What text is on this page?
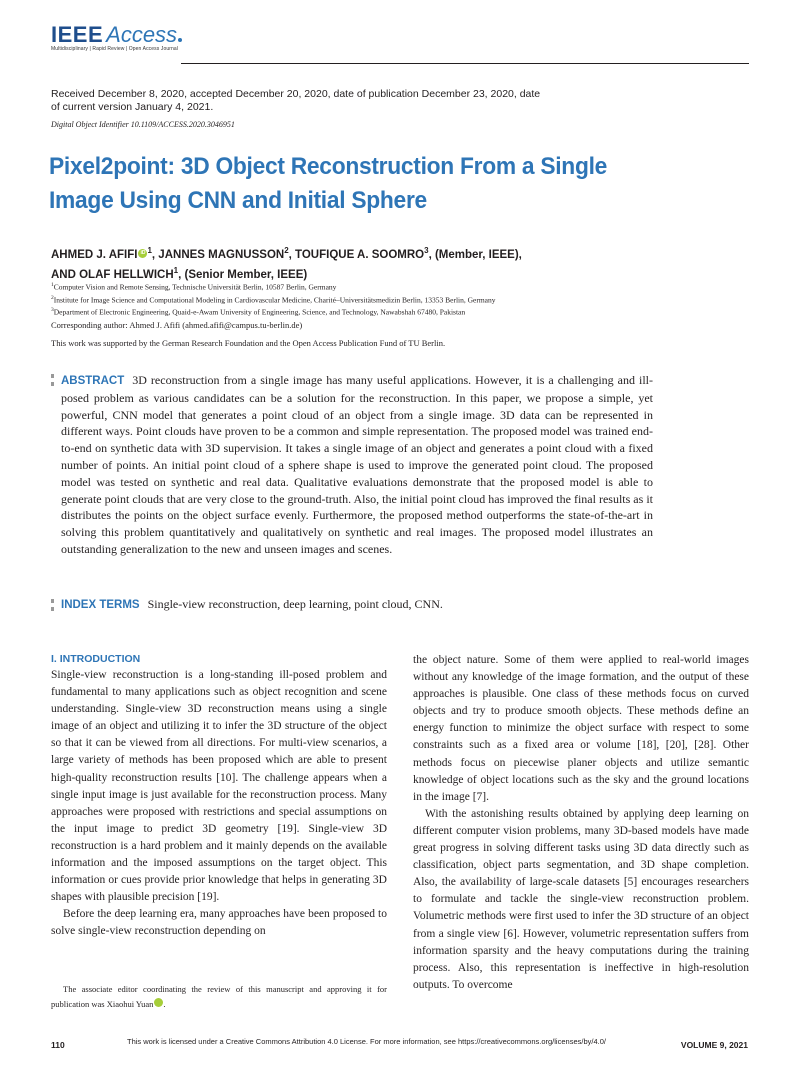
IEEE Access
Multidisciplinary | Rapid Review | Open Access Journal
Received December 8, 2020, accepted December 20, 2020, date of publication December 23, 2020, date of current version January 4, 2021.
Digital Object Identifier 10.1109/ACCESS.2020.3046951
Pixel2point: 3D Object Reconstruction From a Single Image Using CNN and Initial Sphere
AHMED J. AFIFI iD $^1$, JANNES MAGNUSSON$^2$, TOUFIQUE A. SOOMRO$^3$, (Member, IEEE),
AND OLAF HELLWICH$^1$, (Senior Member, IEEE)
$^1$Computer Vision and Remote Sensing, Technische Universität Berlin, 10587 Berlin, Germany
$^2$Institute for Image Science and Computational Modeling in Cardiovascular Medicine, Charité–Universitätsmedizin Berlin, 13353 Berlin, Germany
$^3$Department of Electronic Engineering, Quaid-e-Awam University of Engineering, Science, and Technology, Nawabshah 67480, Pakistan
Corresponding author: Ahmed J. Afifi (ahmed.afifi@campus.tu-berlin.de)
This work was supported by the German Research Foundation and the Open Access Publication Fund of TU Berlin.
ABSTRACT 3D reconstruction from a single image has many useful applications. However, it is a challenging and ill-posed problem as various candidates can be a solution for the reconstruction. In this paper, we propose a simple, yet powerful, CNN model that generates a point cloud of an object from a single image. 3D data can be represented in different ways. Point clouds have proven to be a common and simple representation. The proposed model was trained end-to-end on synthetic data with 3D supervision. It takes a single image of an object and generates a point cloud with a fixed number of points. An initial point cloud of a sphere shape is used to improve the generated point cloud. The proposed model was tested on synthetic and real data. Qualitative evaluations demonstrate that the proposed model is able to generate point clouds that are very close to the ground-truth. Also, the initial point cloud has improved the final results as it distributes the points on the object surface evenly. Furthermore, the proposed method outperforms the state-of-the-art in solving this problem quantitatively and qualitatively on synthetic and real images. The proposed model illustrates an outstanding generalization to the new and unseen images and scenes.
INDEX TERMS Single-view reconstruction, deep learning, point cloud, CNN.
I. INTRODUCTION

Single-view reconstruction is a long-standing ill-posed problem and fundamental to many applications such as object recognition and scene understanding. Single-view 3D reconstruction means using a single image of an object and utilizing it to infer the 3D structure of the object so that it can be viewed from all directions. For multi-view scenarios, a large variety of methods has been proposed which are able to present high-quality reconstruction results [10]. The challenge appears when a single input image is just available for the reconstruction process. Many approaches were proposed with restrictions and special assumptions on the input image to predict 3D geometry [19]. Single-view 3D reconstruction is a hard problem and it mainly depends on the available information and the imposed assumptions on the target object. This information or cues provide prior knowledge that helps in generating 3D shapes with plausible precision [19].

Before the deep learning era, many approaches have been proposed to solve single-view reconstruction depending on

the object nature. Some of them were applied to real-world images without any knowledge of the image formation, and the output of these approaches is plausible. One class of these methods focus on curved objects and try to produce smooth objects. These methods define an energy function to minimize the object surface with respect to some constraints such as a fixed area or volume [18], [20], [28]. Other methods focus on piecewise planer objects and utilize semantic knowledge of object locations such as the sky and the ground locations in the image [7].

With the astonishing results obtained by applying deep learning on different computer vision problems, many 3D-based models have made great progress in solving different tasks using 3D data directly such as classification, object parts segmentation, and 3D shape completion. Also, the availability of large-scale datasets [5] encourages researchers to formulate and tackle the single-view reconstruction problem. Volumetric methods were first used to infer the 3D structure of an object from a single view [6]. However, volumetric representation suffers from information sparsity and the heavy computations during the training process. Also, this representation is ineffective in high-resolution outputs. To overcome

The associate editor coordinating the review of this manuscript and approving it for publication was Xiaohui Yuan	iD.
110	This work is licensed under a Creative Commons Attribution 4.0 License. For more information, see https://creativecommons.org/licenses/by/4.0/	VOLUME 9, 2021
